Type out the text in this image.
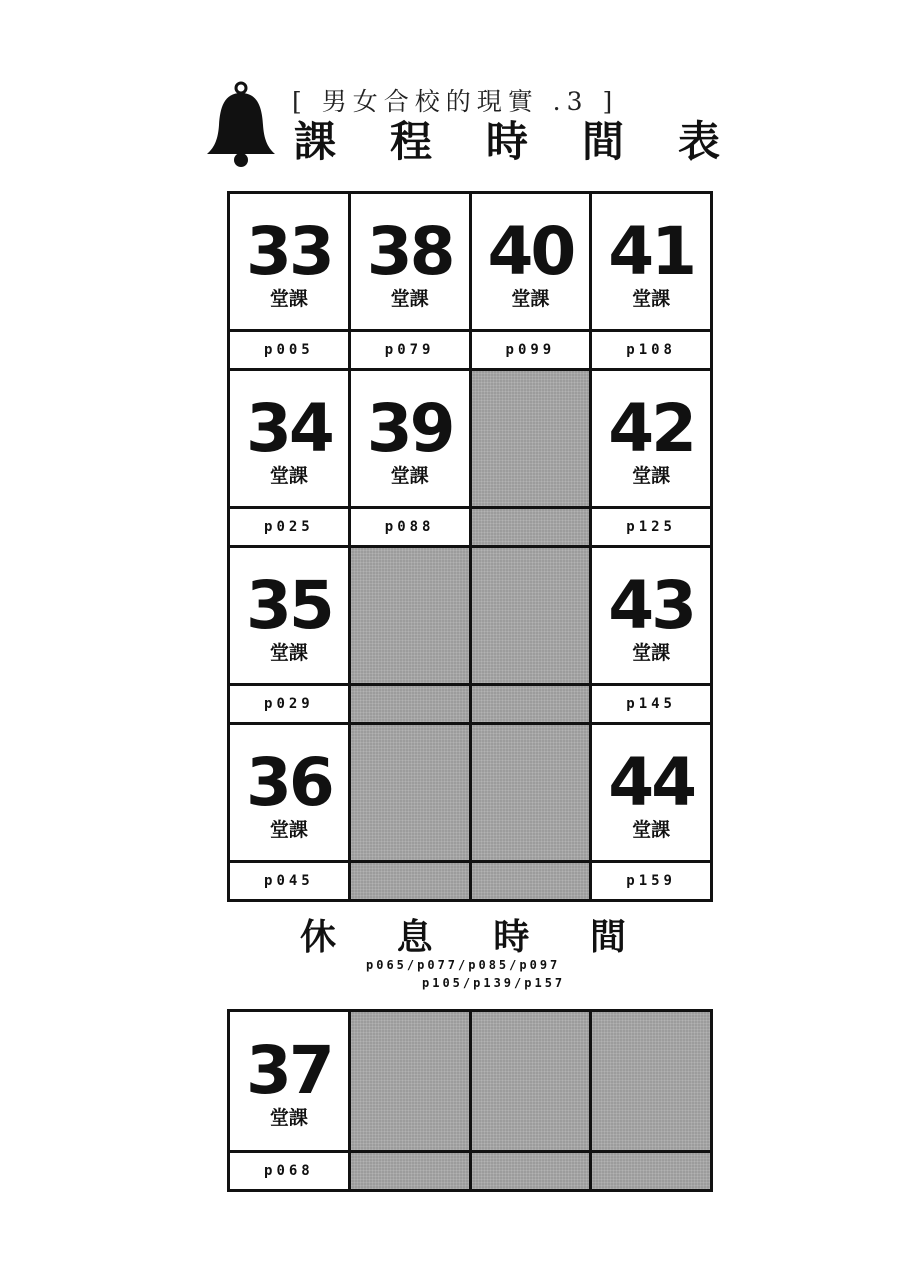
[ 男女合校的現實 .3 ]
課 程 時 間 表
33
堂課
p005
38
堂課
p079
40
堂課
p099
41
堂課
p108
34
堂課
p025
39
堂課
p088
42
堂課
p125
35
堂課
p029
43
堂課
p145
36
堂課
p045
44
堂課
p159
休 息 時 間
p065/p077/p085/p097
p105/p139/p157
37
堂課
p068
